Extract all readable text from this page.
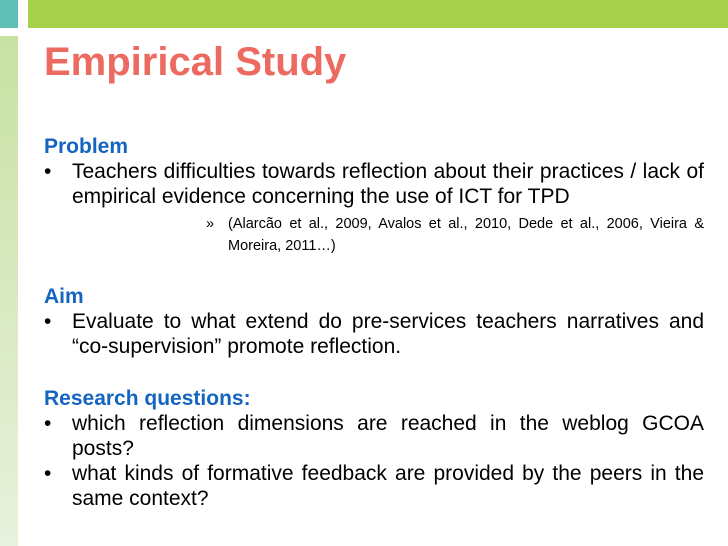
Empirical Study
Problem
• Teachers difficulties towards reflection about their practices / lack of empirical evidence concerning the use of ICT for TPD
» (Alarcão et al., 2009, Avalos et al., 2010, Dede et al., 2006, Vieira & Moreira, 2011…)
Aim
• Evaluate to what extend do pre-services teachers narratives and “co-supervision” promote reflection.
Research questions:
• which reflection dimensions are reached in the weblog GCOA posts?
• what kinds of formative feedback are provided by the peers in the same context?
